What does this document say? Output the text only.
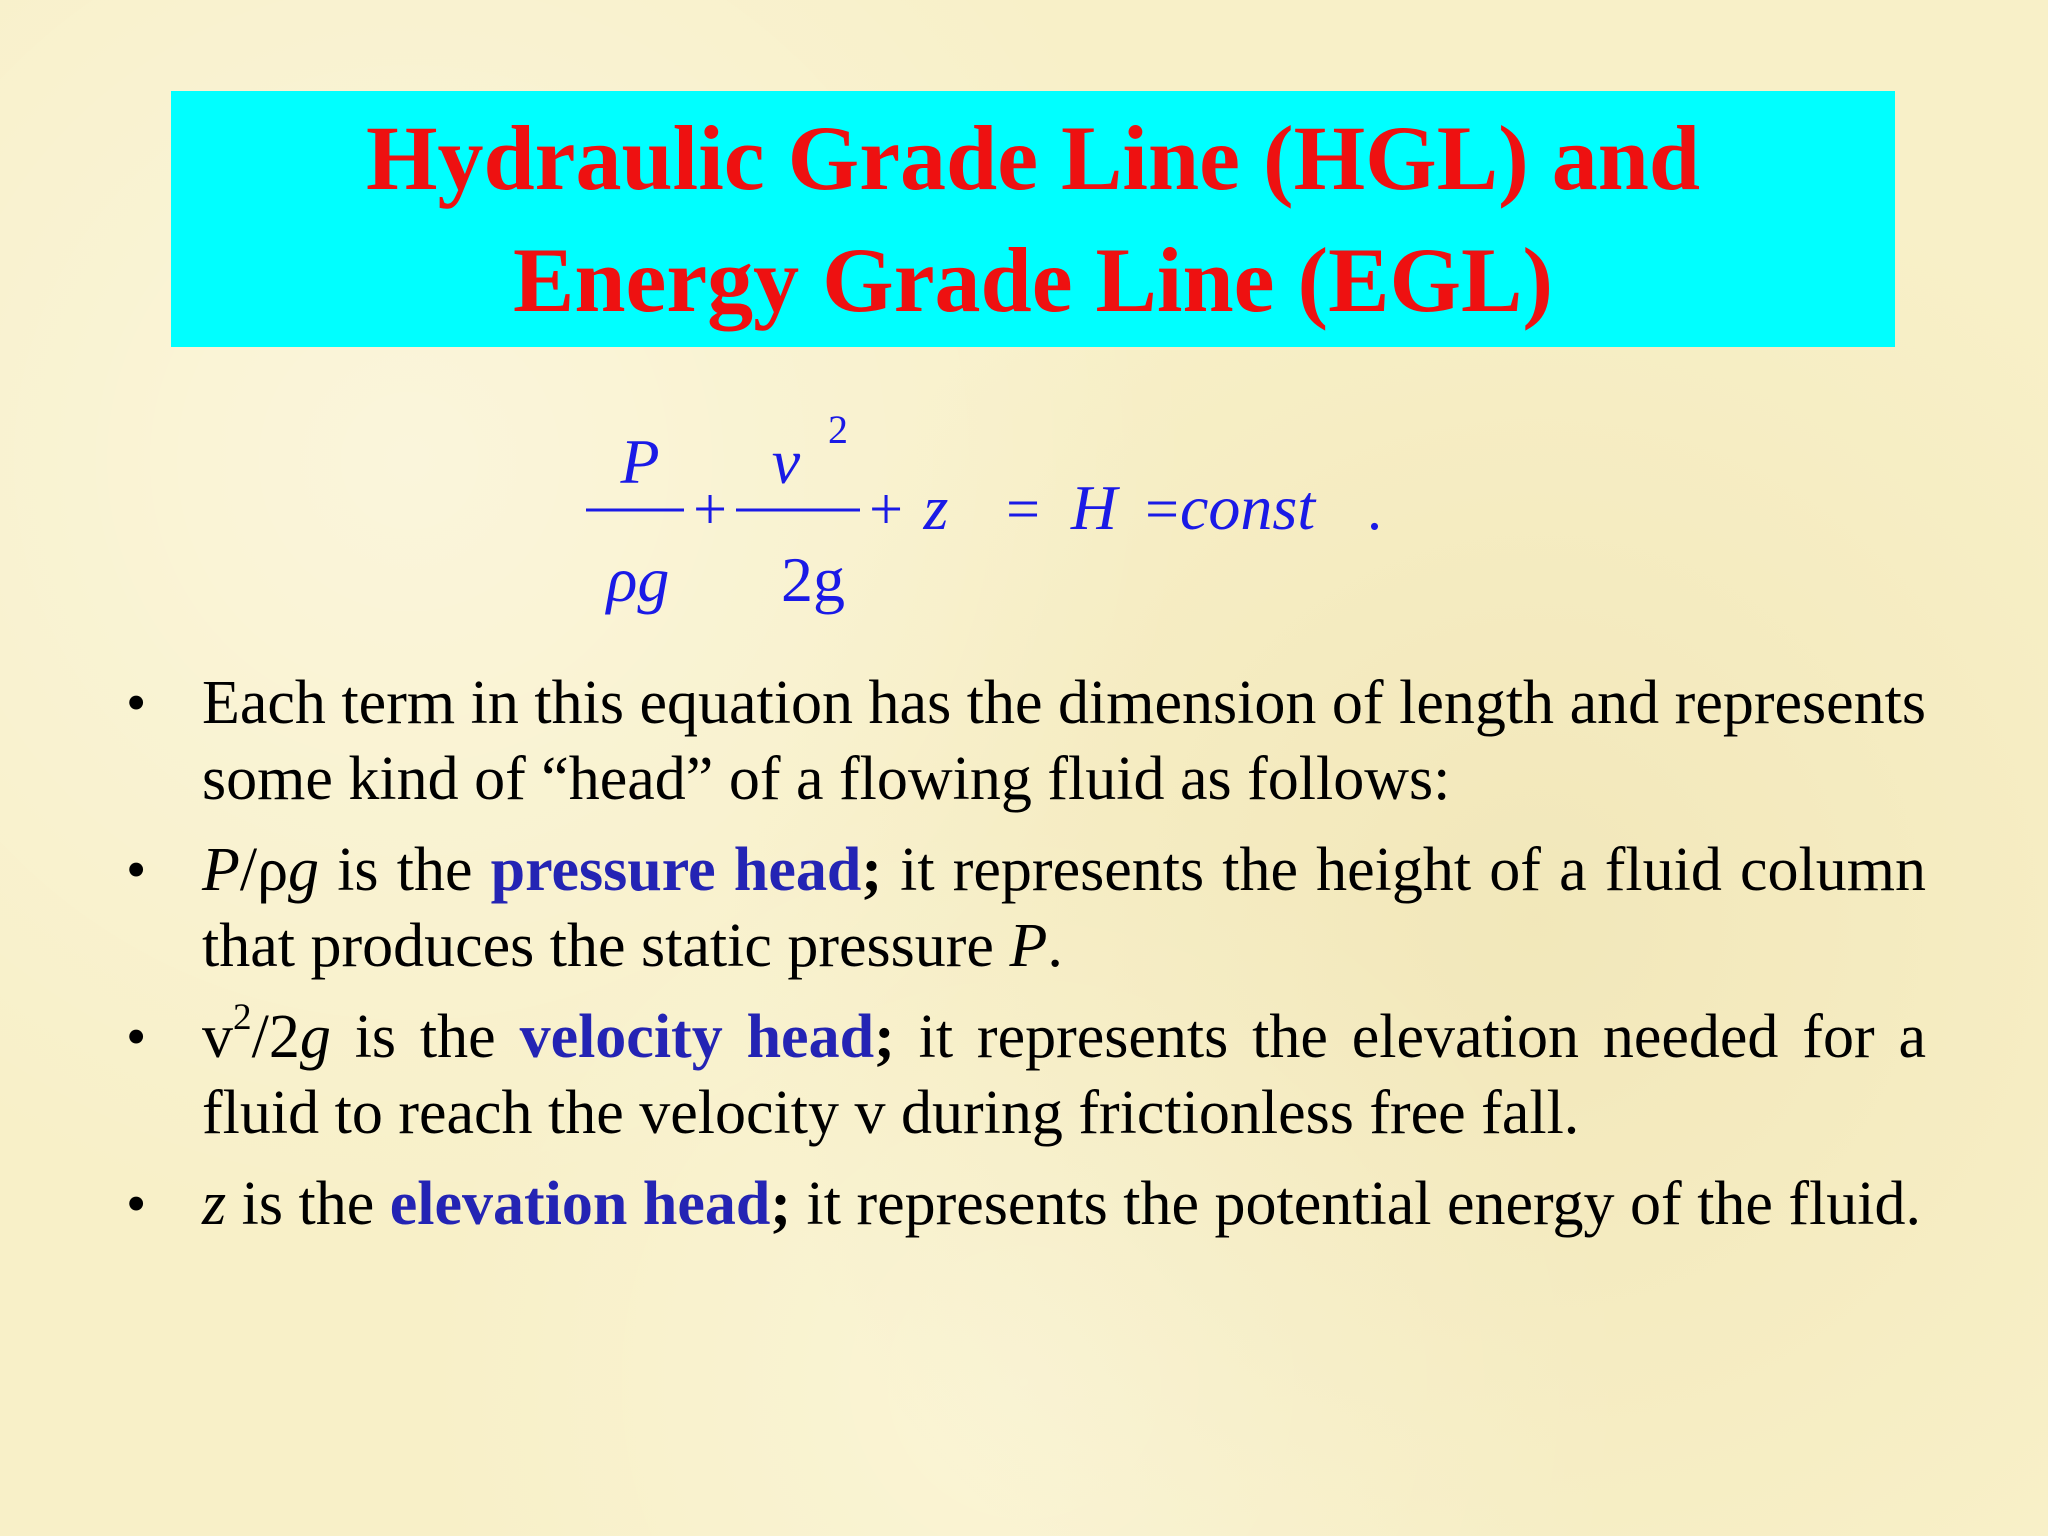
Hydraulic Grade Line (HGL) and
Energy Grade Line (EGL)
P
ρg
+
v 2
2g
+ z = H = const .
• Each term in this equation has the dimension of length and represents some kind of “head” of a flowing fluid as follows:
• P/ρg is the pressure head; it represents the height of a fluid column that produces the static pressure P.
• $v^2/2g$ is the velocity head; it represents the elevation needed for a fluid to reach the velocity v during frictionless free fall.
• z is the elevation head; it represents the potential energy of the fluid.
